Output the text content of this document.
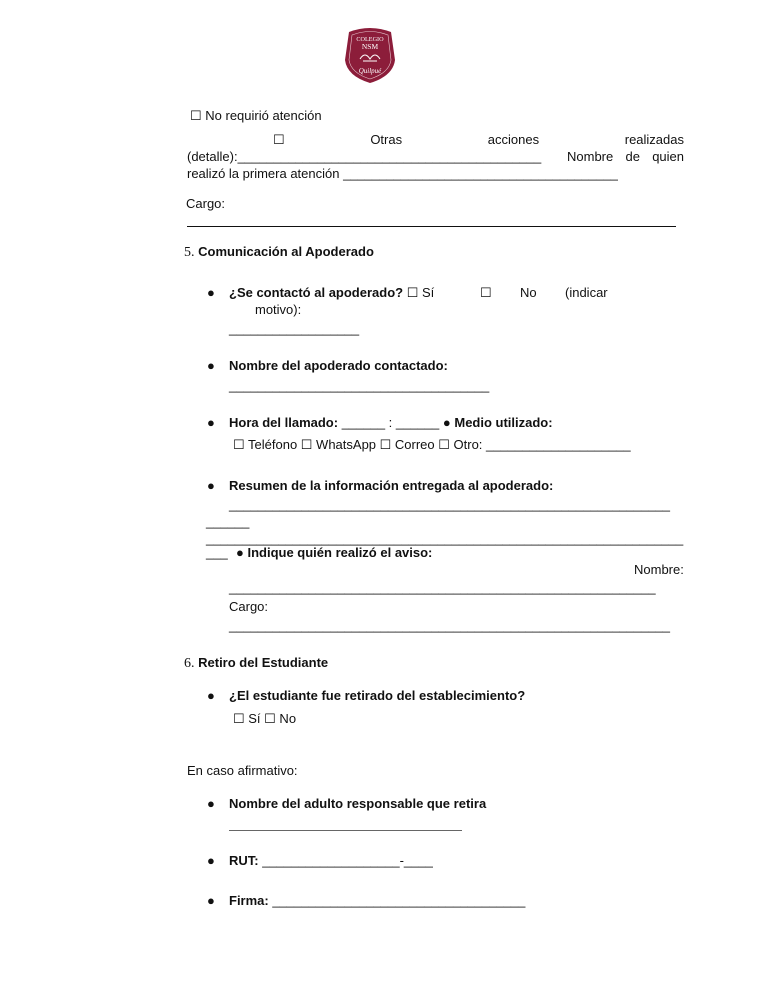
COLEGIO
NSM
Quilpué
☐ No requirió atención
☐	Otras	acciones	realizadas
(detalle):__________________________________________ Nombre de quien
realizó la primera atención ______________________________________
Cargo:
5. Comunicación al Apoderado
● ¿Se contactó al apoderado? ☐ Sí	☐ No (indicar
motivo):
__________________
● Nombre del apoderado contactado:
____________________________________
● Hora del llamado: ______ : ______ ● Medio utilizado:
☐ Teléfono ☐ WhatsApp ☐ Correo ☐ Otro: ____________________
● Resumen de la información entregada al apoderado:
_____________________________________________________________
______
__________________________________________________________________
___ ● Indique quién realizó el aviso:
Nombre:
___________________________________________________________
Cargo:
_____________________________________________________________
6. Retiro del Estudiante
● ¿El estudiante fue retirado del establecimiento?
☐ Sí ☐ No
En caso afirmativo:
● Nombre del adulto responsable que retira
● RUT: ___________________-____
● Firma: ___________________________________
